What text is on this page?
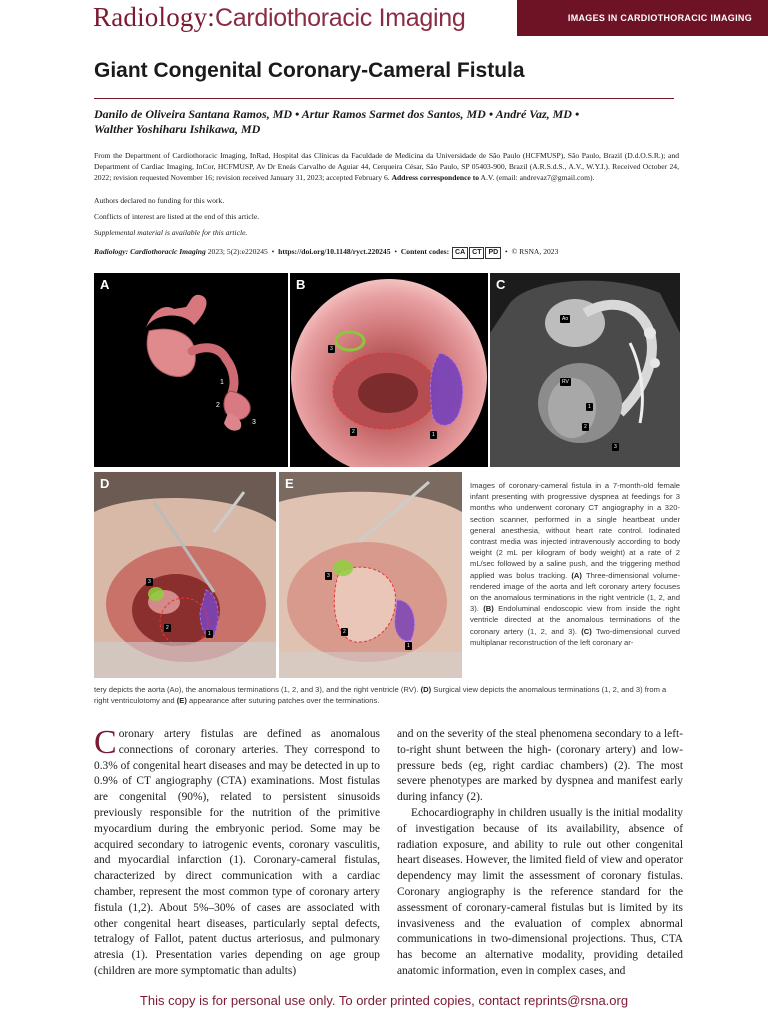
Radiology: Cardiothoracic Imaging	IMAGES IN CARDIOTHORACIC IMAGING
Giant Congenital Coronary-Cameral Fistula
Danilo de Oliveira Santana Ramos, MD • Artur Ramos Sarmet dos Santos, MD • André Vaz, MD •
Walther Yoshiharu Ishikawa, MD

From the Department of Cardiothoracic Imaging, InRad, Hospital das Clínicas da Faculdade de Medicina da Universidade de São Paulo (HCFMUSP), São Paulo, Brazil (D.d.O.S.R.); and Department of Cardiac Imaging, InCor, HCFMUSP, Av Dr Eneás Carvalho de Aguiar 44, Cerqueira César, São Paulo, SP 05403-900, Brazil (A.R.S.d.S., A.V., W.Y.I.). Received October 24, 2022; revision requested November 16; revision received January 31, 2023; accepted February 6. Address correspondence to A.V. (email: andrevaz7@gmail.com).

Authors declared no funding for this work.

Conflicts of interest are listed at the end of this article.

Supplemental material is available for this article.

Radiology: Cardiothoracic Imaging 2023; 5(2):e220245  •  https://doi.org/10.1148/ryct.220245  •  Content codes: CA CT PD  •  © RSNA, 2023
A
1
2
3
B
3
2	1
C
Ao
RV
1
2
3
D
3
2
1
E
3
2
1

Images of coronary-cameral fistula in a 7-month-old female infant presenting with progressive dyspnea at feedings for 3 months who underwent coronary CT angiography in a 320-section scanner, performed in a single heartbeat under general anesthesia, without heart rate control. Iodinated contrast media was injected intravenously according to body weight (2 mL per kilogram of body weight) at a rate of 2 mL/sec followed by a saline push, and the triggering method applied was bolus tracking. (A) Three-dimensional volume-rendered image of the aorta and left coronary artery focuses on the anomalous terminations in the right ventricle (1, 2, and 3). (B) Endoluminal endoscopic view from inside the right ventricle directed at the anomalous terminations of the coronary artery (1, 2, and 3). (C) Two-dimensional curved multiplanar reconstruction of the left coronary ar-

tery depicts the aorta (Ao), the anomalous terminations (1, 2, and 3), and the right ventricle (RV). (D) Surgical view depicts the anomalous terminations (1, 2, and 3) from a right ventriculotomy and (E) appearance after suturing patches over the terminations.

Coronary artery fistulas are defined as anomalous connections of coronary arteries. They correspond to 0.3% of congenital heart diseases and may be detected in up to 0.9% of CT angiography (CTA) examinations. Most fistulas are congenital (90%), related to persistent sinusoids previously responsible for the nutrition of the primitive myocardium during the embryonic period. Some may be acquired secondary to iatrogenic events, coronary vasculitis, and myocardial infarction (1). Coronary-cameral fistulas, characterized by direct communication with a cardiac chamber, represent the most common type of coronary artery fistula (1,2). About 5%–30% of cases are associated with other congenital heart diseases, particularly septal defects, tetralogy of Fallot, patent ductus arteriosus, and pulmonary atresia (1). Presentation varies depending on age group (children are more symptomatic than adults)

and on the severity of the steal phenomena secondary to a left-to-right shunt between the high- (coronary artery) and low-pressure beds (eg, right cardiac chambers) (2). The most severe phenotypes are marked by dyspnea and manifest early during infancy (2).

Echocardiography in children usually is the initial modality of investigation because of its availability, absence of radiation exposure, and ability to rule out other congenital heart diseases. However, the limited field of view and operator dependency may limit the assessment of coronary fistulas. Coronary angiography is the reference standard for the assessment of coronary-cameral fistulas but is limited by its invasiveness and the evaluation of complex abnormal communications in two-dimensional projections. Thus, CTA has become an alternative modality, providing detailed anatomic information, even in complex cases, and

This copy is for personal use only. To order printed copies, contact reprints@rsna.org
